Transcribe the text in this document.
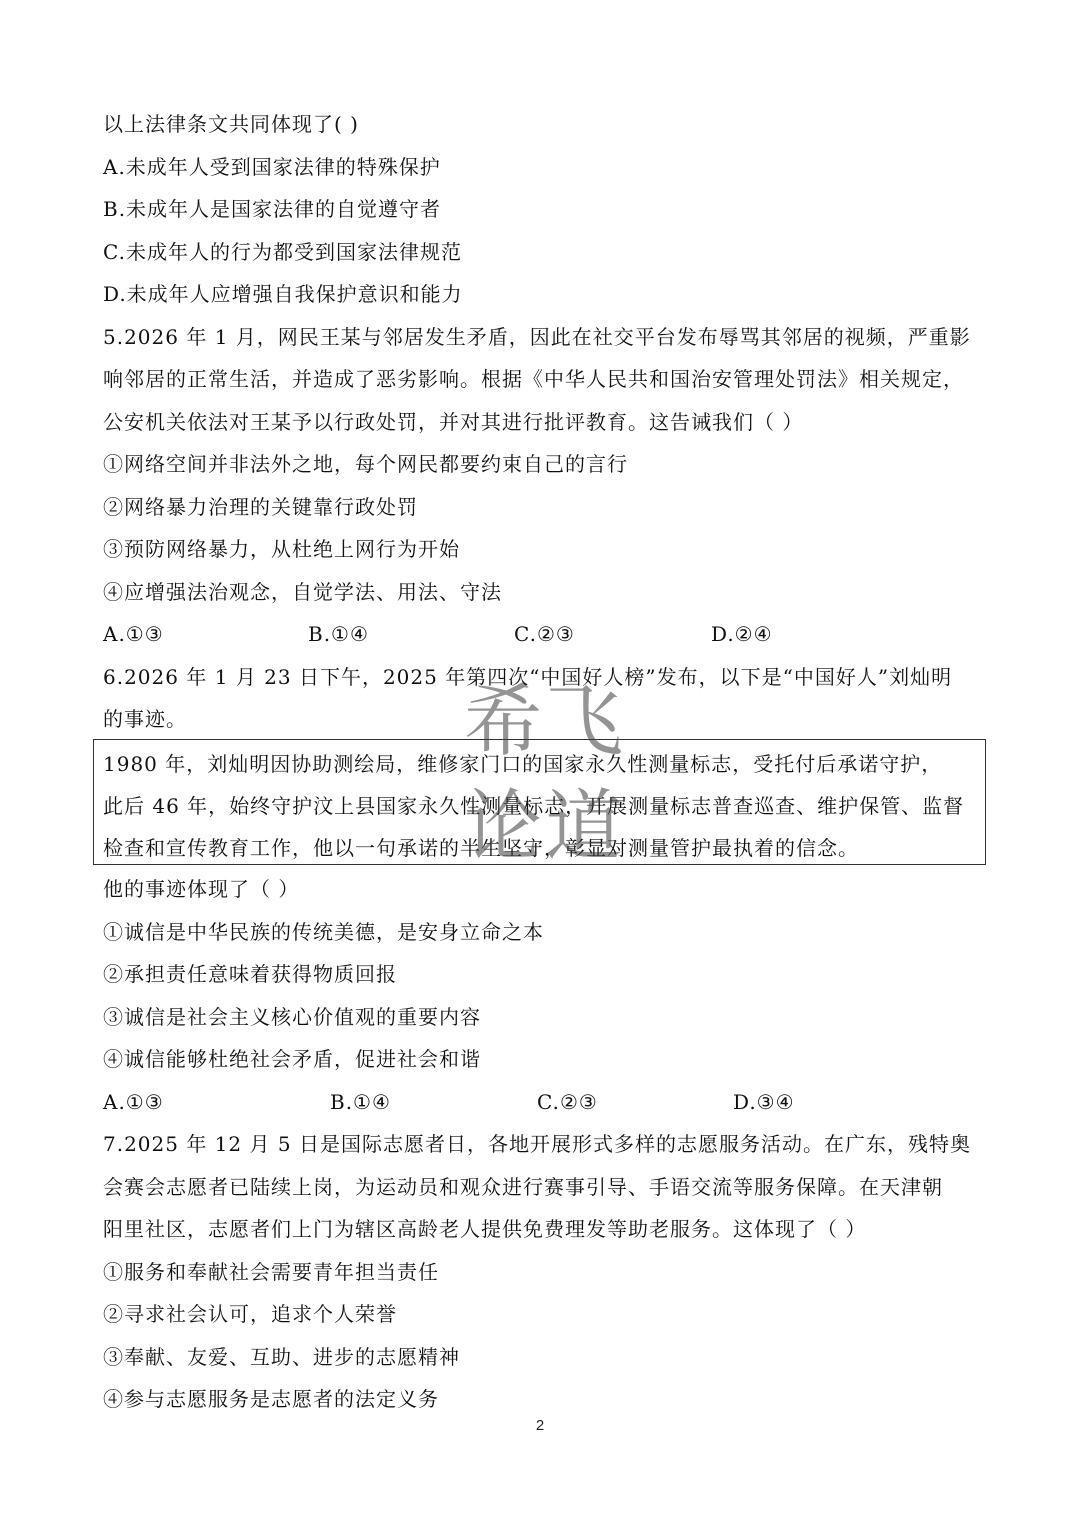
以上法律条文共同体现了( )
A.未成年人受到国家法律的特殊保护
B.未成年人是国家法律的自觉遵守者
C.未成年人的行为都受到国家法律规范
D.未成年人应增强自我保护意识和能力
5.2026 年 1 月，网民王某与邻居发生矛盾，因此在社交平台发布辱骂其邻居的视频，严重影
响邻居的正常生活，并造成了恶劣影响。根据《中华人民共和国治安管理处罚法》相关规定，
公安机关依法对王某予以行政处罚，并对其进行批评教育。这告诫我们（ ）
①网络空间并非法外之地，每个网民都要约束自己的言行
②网络暴力治理的关键靠行政处罚
③预防网络暴力，从杜绝上网行为开始
④应增强法治观念，自觉学法、用法、守法
A.①③	B.①④	C.②③	D.②④
6.2026 年 1 月 23 日下午，2025 年第四次“中国好人榜”发布，以下是“中国好人”刘灿明
的事迹。
1980 年，刘灿明因协助测绘局，维修家门口的国家永久性测量标志，受托付后承诺守护，
此后 46 年，始终守护汶上县国家永久性测量标志，开展测量标志普查巡查、维护保管、监督
检查和宣传教育工作，他以一句承诺的半生坚守，彰显对测量管护最执着的信念。
他的事迹体现了（ ）
①诚信是中华民族的传统美德，是安身立命之本
②承担责任意味着获得物质回报
③诚信是社会主义核心价值观的重要内容
④诚信能够杜绝社会矛盾，促进社会和谐
A.①③	B.①④	C.②③	D.③④
7.2025 年 12 月 5 日是国际志愿者日，各地开展形式多样的志愿服务活动。在广东，残特奥
会赛会志愿者已陆续上岗，为运动员和观众进行赛事引导、手语交流等服务保障。在天津朝
阳里社区，志愿者们上门为辖区高龄老人提供免费理发等助老服务。这体现了（ ）
①服务和奉献社会需要青年担当责任
②寻求社会认可，追求个人荣誉
③奉献、友爱、互助、进步的志愿精神
④参与志愿服务是志愿者的法定义务
希 飞
论 道
2
